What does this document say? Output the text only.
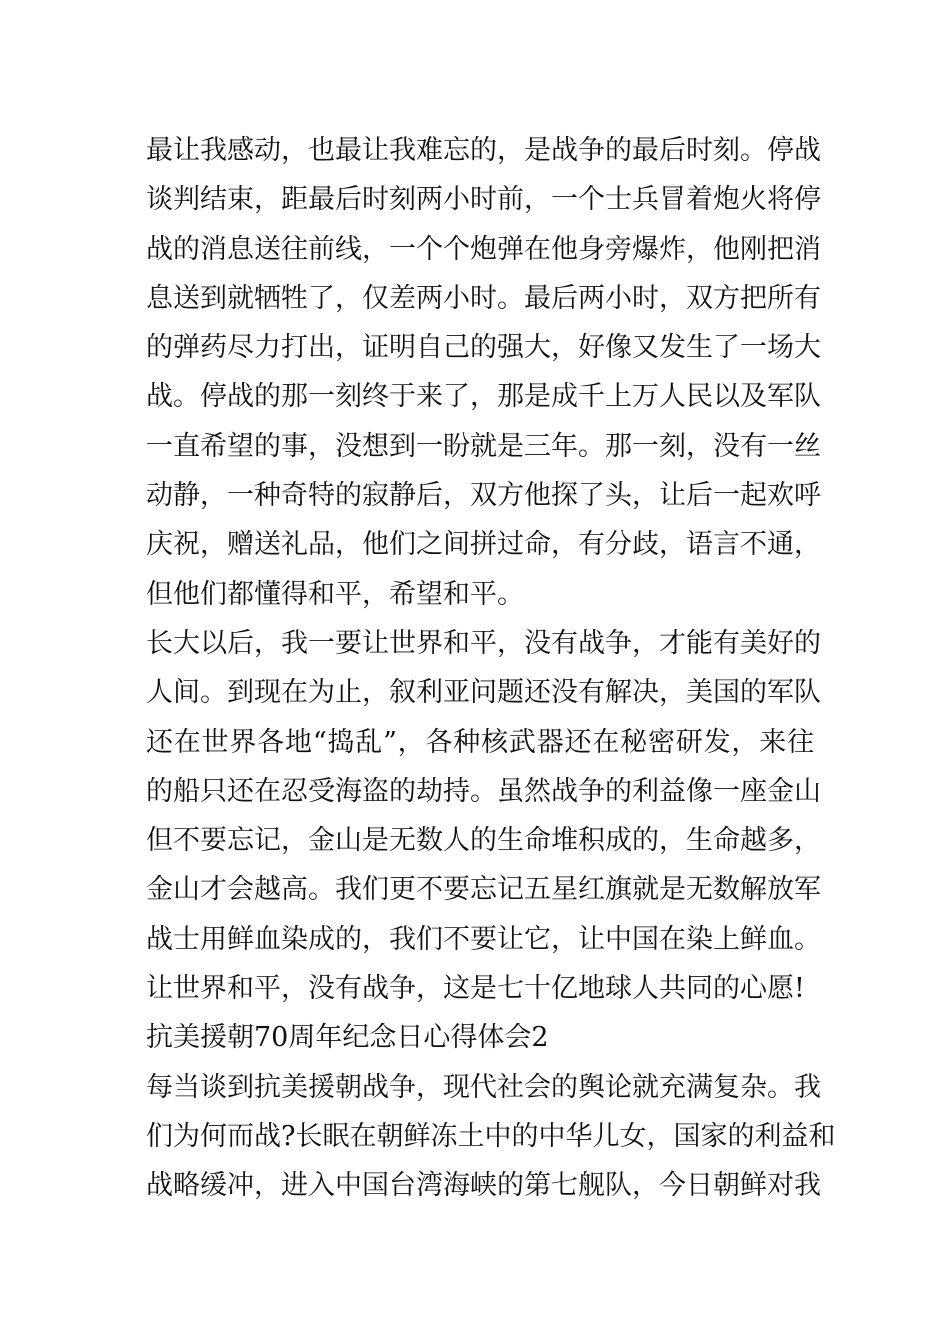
最让我感动，也最让我难忘的，是战争的最后时刻。停战
谈判结束，距最后时刻两小时前，一个士兵冒着炮火将停
战的消息送往前线，一个个炮弹在他身旁爆炸，他刚把消
息送到就牺牲了，仅差两小时。最后两小时，双方把所有
的弹药尽力打出，证明自己的强大，好像又发生了一场大
战。停战的那一刻终于来了，那是成千上万人民以及军队
一直希望的事，没想到一盼就是三年。那一刻，没有一丝
动静，一种奇特的寂静后，双方他探了头，让后一起欢呼
庆祝，赠送礼品，他们之间拼过命，有分歧，语言不通，
但他们都懂得和平，希望和平。
长大以后，我一要让世界和平，没有战争，才能有美好的
人间。到现在为止，叙利亚问题还没有解决，美国的军队
还在世界各地“捣乱”，各种核武器还在秘密研发，来往
的船只还在忍受海盗的劫持。虽然战争的利益像一座金山
但不要忘记，金山是无数人的生命堆积成的，生命越多，
金山才会越高。我们更不要忘记五星红旗就是无数解放军
战士用鲜血染成的，我们不要让它，让中国在染上鲜血。
让世界和平，没有战争，这是七十亿地球人共同的心愿!
抗美援朝70周年纪念日心得体会2
每当谈到抗美援朝战争，现代社会的舆论就充满复杂。我
们为何而战?长眠在朝鲜冻土中的中华儿女，国家的利益和
战略缓冲，进入中国台湾海峡的第七舰队，今日朝鲜对我
